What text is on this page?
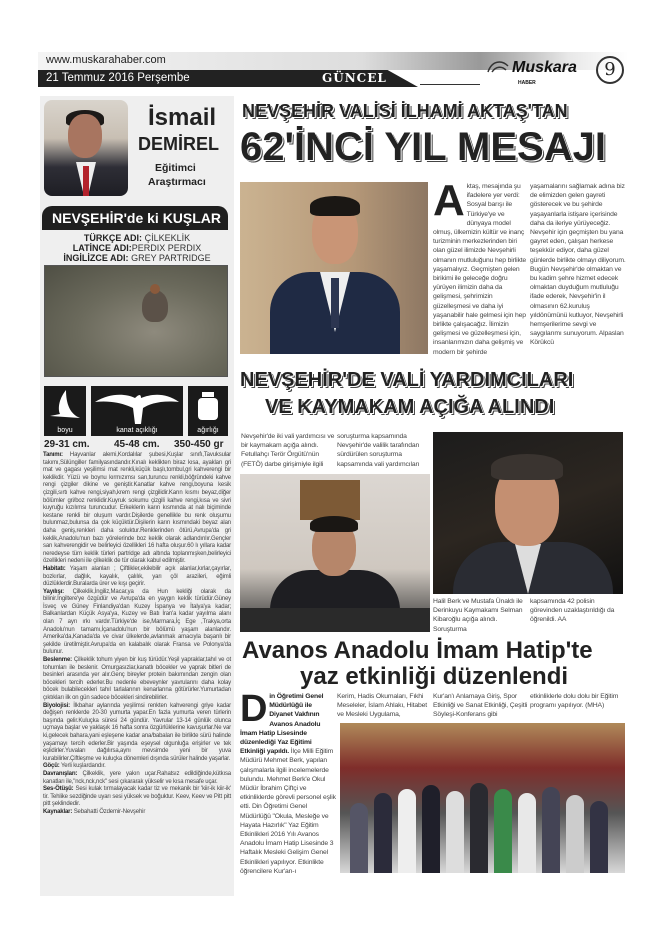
www.muskarahaber.com
21 Temmuz 2016 Perşembe	GÜNCEL
Muskara
HABER
9
İsmail
DEMİREL
Eğitimci
Araştırmacı
NEVŞEHİR'de ki KUŞLAR
TÜRKÇE ADI: ÇİLKEKLİK
LATİNCE ADI:PERDIX PERDIX
İNGİLİZCE ADI: GREY PARTRIDGE
boyu	kanat açıklığı	ağırlığı
29-31 cm. 45-48 cm. 350-450 gr

Tanımı: Hayvanlar alemi,Kordalılar şubesi,Kuşlar sınıfı,Tavuksular takımı,Sülüngiller familyasındandır.Kınalı keklikten biraz kısa, ayakları gri mat ve gagası yeşilimsi mat renkli,küçük başlı,tombul,gri kahverengi bir keklikdir. Yüzü ve boynu kırmızımsı sarı,turuncu renkli,böğründeki kahve rengi çizgiler dikine ve geniştir.Kanatlar kahve rengi,boyuna kesik çizgili,sırtı kahve rengi,siyah,krem rengi çizgilidir.Karın kısmı beyaz,diğer bölümler gri/boz renklidir.Kuyruk sokumu çizgili kahve rengi,kısa ve sivri kuyruğu kızılımsı turuncudur. Erkeklerin karın kısmında at nalı biçiminde kestane renkli bir oluşum vardır.Dişilerde genellikle bu renk oluşumu bulunmaz,bulunsa da çok küçüktür.Dişilerin karın kısmındaki beyaz alan daha geniş,renkleri daha soluktur.Renklerinden ötürü,Avrupa'da gri keklik,Anadolu'nun bazı yörelerinde boz keklik olarak adlandırılır.Gençler sarı kahverengidir ve belirleyici özellikleri 16 hafta oluşur.60 lı yıllara kadar neredeyse tüm keklik türleri partridge adı altında toplanmışken,belirleyici özellikleri nedeni ile çilkeklik de tür olarak kabul edilmiştir.

Habitatı: Yaşam alanları ; Çiftlikler,ekilebilir açık alanlar,kırlar,çayırlar, bozkırlar, dağlık, kayalık, çalılık, yarı çöl arazileri, eğimli düzlüklerdir.Buralarda ürer ve kışı geçirir.

Yayılışı: Çilkeklik,İngiliz,Macar,ya da Hun kekliği olarak da bilinir.İngiltere'ye özgüdür ve Avrupa'da en yaygın keklik türüdür.Güney İsveç ve Güney Finlandiya'dan Kuzey İspanya ve İtalya'ya kadar; Balkanlardan Küçük Asya'ya, Kuzey ve Batı İran'a kadar yayılma alanı olan 7 ayrı ırkı vardır.Türkiye'de ise,Marmara,İç Ege ,Trakya,orta Anadolu'nun tamamı,İçanadolu'nun bir bölümü yaşam alanlarıdır. Amerika'da,Kanada'da ve civar ülkelerde,avlanmak amacıyla başarılı bir şekilde üretilmiştir.Avrupa'da en kalabalık olarak Fransa ve Polonya'da bulunur.

Beslenme: Çilkeklik tohum yiyen bir kuş türüdür.Yeşil yapraklar,tahıl ve ot tohumları ile beslenir. Omurgasızlar,kanatlı böcekler ve yaprak bitleri de besinleri arasında yer alır.Genç bireyler protein bakımından zengin olan böcekleri tercih ederler.Bu nedenle ebeveynler yavrularını daha kolay böcek bulabilecekleri tahıl tarlalarının kenarlarına götürürler.Yumurtadan çıktıkları ilk on gün sadece böcekleri sindirebilirler.

Biyolojisi: İlkbahar aylarında yeşilimsi renkten kahverengi griye kadar değişen renklerde 20-30 yumurta yapar.En fazla yumurta veren türlerin başında gelir.Kuluçka süresi 24 gündür. Yavrular 13-14 günlük olunca uçmaya başlar ve yaklaşık 16 hafta sonra özgürlüklerine kavuşurlar.Ne var ki,gelecek bahara,yani eşleşene kadar ana/babaları ile birlikte sürü halinde yaşamayı tercih ederler.Bir yaşında eşeysel olgunluğa erişirler ve tek eşlidirler.Yuvaları dağılırsa,aynı mevsimde yeni bir yuva kurabilirler.Çiftleşme ve kuluçka dönemleri dışında sürüler halinde yaşarlar.

Göçü: Yerli kuşlardandır.

Davranışları: Çilkeklik, yere yakın uçar.Rahatsız edildiğinde,kütkısa kanatları ile,"nck,nck,nck" sesi çıkararak yükselir ve kısa mesafe uçar.

Ses-Ötüşü: Sesi kulak tırmalayacak kadar tiz ve mekanik bir 'kiir-ik kiir-ik' tir. Tehlike sezdiğinde uyarı sesi yüksek ve boğuktur. Keev, Keev ve Pitt pitt pitt şeklindedir.

Kaynaklar: Sebahatti Özdemir-Nevşehir

NEVŞEHİR VALİSİ İLHAMİ AKTAŞ'TAN
62'İNCİ YIL MESAJI
Aktaş, mesajında şu ifadelere yer verdi: Sosyal barışı ile Türkiye'ye ve dünyaya model olmuş, ülkemizin kültür ve inanç turizminin merkezlerinden biri olan güzel ilimizde Nevşehirli olmanın mutluluğunu hep birlikte yaşamalıyız. Geçmişten gelen birikimi ile geleceğe doğru yürüyen ilimizin daha da gelişmesi, şehrimizin güzelleşmesi ve daha iyi yaşanabilir hale gelmesi için hep birlikte çalışacağız. İlimizin gelişmesi ve güzelleşmesi için, insanlarımızın daha gelişmiş ve modern bir şehirde
yaşamalarını sağlamak adına biz de elimizden gelen gayreti gösterecek ve bu şehirde yaşayanlarla istişare içerisinde daha da ileriye yürüyeceğiz. Nevşehir için geçmişten bu yana gayret eden, çalışan herkese teşekkür ediyor, daha güzel günlerde birlikte olmayı diliyorum. Bugün Nevşehir'de olmaktan ve bu kadim şehre hizmet edecek olmaktan duyduğum mutluluğu ifade ederek, Nevşehir'in il olmasının 62.kuruluş yıldönümünü kutluyor, Nevşehirli hemşerilerime sevgi ve saygılarımı sunuyorum. Alpaslan Körükcü
NEVŞEHİR'DE VALİ YARDIMCILARI
VE KAYMAKAM AÇIĞA ALINDI
Nevşehir'de iki vali yardımcısı ve bir kaymakam açığa alındı. Fetullahçı Terör Örgütü'nün (FETÖ) darbe girişimiyle ilgili
soruşturma kapsamında Nevşehir'de valilik tarafından sürdürülen soruşturma kapsamında vali yardımcıları
Halil Berk ve Mustafa Ünaldı ile Derinkuyu Kaymakamı Selman Kibaroğlu açığa alındı. Soruşturma
kapsamında 42 polisin görevinden uzaklaştırıldığı da öğrenildi. AA
Avanos Anadolu İmam Hatip'te
yaz etkinliği düzenlendi
Din Öğretimi Genel Müdürlüğü ile Diyanet Vakfının Avanos Anadolu İmam Hatip Lisesinde düzenlediği Yaz Eğitimi Etkinliği yapıldı. İlçe Milli Eğitim Müdürü Mehmet Berk, yapılan çalışmalarla ilgili incelemelerde bulundu. Mehmet Berk'e Okul Müdür İbrahim Çiftçi ve etkinliklerde görevli personel eşlik etti. Din Öğretimi Genel Müdürlüğü "Okula, Mesleğe ve Hayata Hazırlık" Yaz Eğitim Etkinlikleri 2016 Yılı Avanos Anadolu İmam Hatip Lisesinde 3 Haftalık Mesleki Gelişim Genel Etkinlikleri yapılıyor. Etkinlikte öğrencilere Kur'an-ı
Kerim, Hadis Okumaları, Fıkhi Meseleler, İslam Ahlakı, Hitabet ve Mesleki Uygulama,
Kur'an'ı Anlamaya Giriş, Spor Etkinliği ve Sanat Etkinliği, Çeşitli Söyleşi-Konferans gibi
etkinliklerle dolu dolu bir Eğitim programı yapılıyor. (MHA)
